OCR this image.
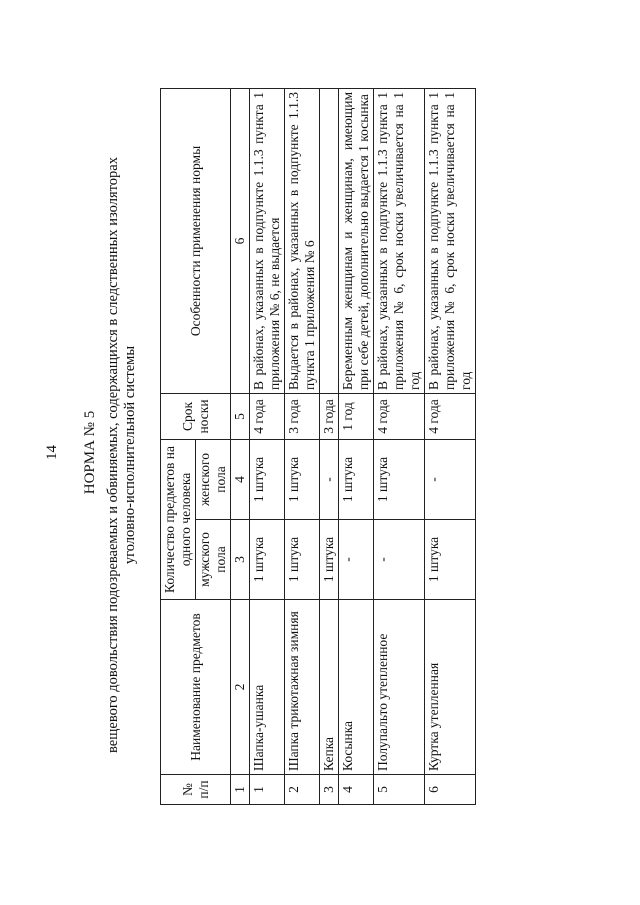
14 НОРМА № 5 вещевого довольствия подозреваемых и обвиняемых, содержащихся в следственных изоляторах уголовно-исполнительной системы
№ п/п	Наименование предметов	Количество предметов на одного человека		Срок носки	Особенности применения нормы
		мужского пола	женского пола		
1	2	3	4	5	6
1	Шапка-ушанка	1 штука	1 штука	4 года	В районах, указанных в подпункте 1.1.3 пункта 1 приложения № 6, не выдается
2	Шапка трикотажная зимняя	1 штука	1 штука	3 года	Выдается в районах, указанных в подпункте 1.1.3 пункта 1 приложения № 6
3	Кепка	1 штука	-	3 года	
4	Косынка	-	1 штука	1 год	Беременным женщинам и женщинам, имеющим при себе детей, дополнительно выдается 1 косынка
5	Полупальто утепленное	-	1 штука	4 года	В районах, указанных в подпункте 1.1.3 пункта 1 приложения № 6, срок носки увеличивается на 1 год
6	Куртка утепленная	1 штука	-	4 года	В районах, указанных в подпункте 1.1.3 пункта 1 приложения № 6, срок носки увеличивается на 1 год
